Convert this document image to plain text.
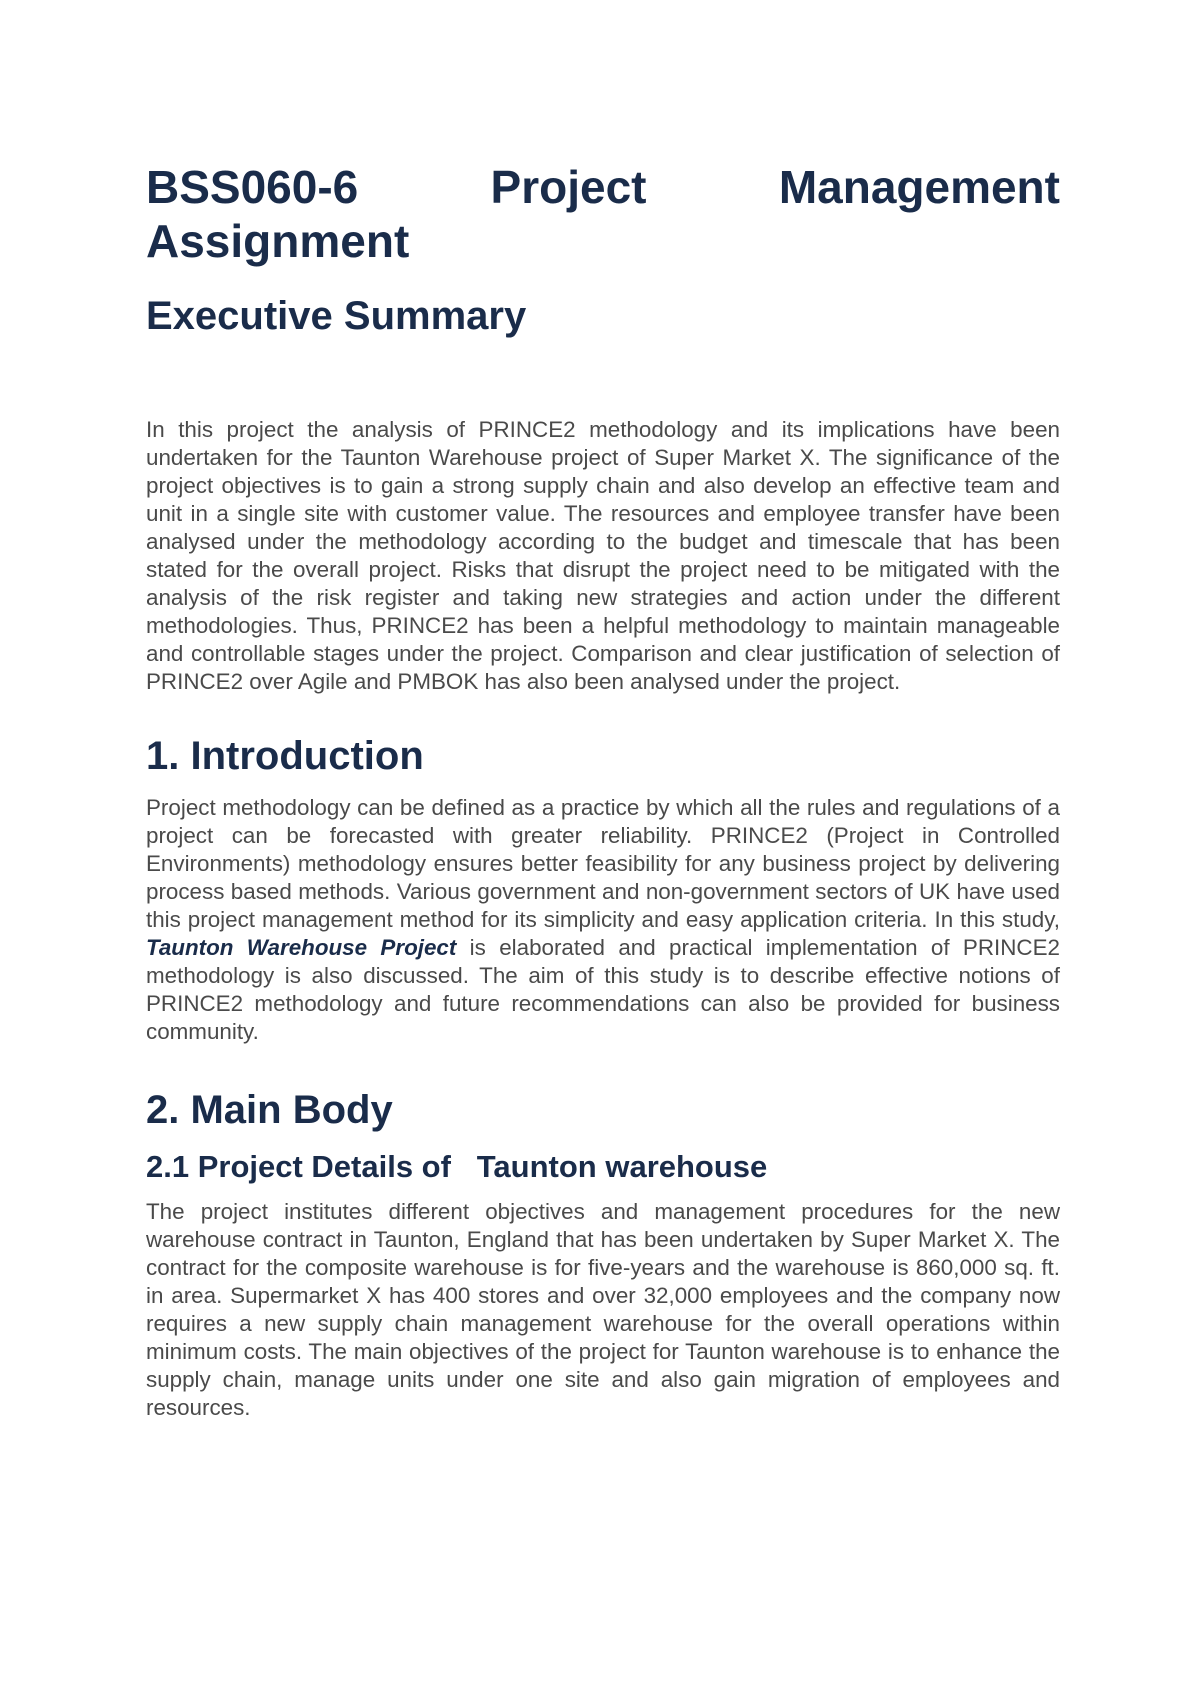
BSS060-6	Project	Management
Assignment
Executive Summary

In this project the analysis of PRINCE2 methodology and its implications have been undertaken for the Taunton Warehouse project of Super Market X. The significance of the project objectives is to gain a strong supply chain and also develop an effective team and unit in a single site with customer value. The resources and employee transfer have been analysed under the methodology according to the budget and timescale that has been stated for the overall project. Risks that disrupt the project need to be mitigated with the analysis of the risk register and taking new strategies and action under the different methodologies. Thus, PRINCE2 has been a helpful methodology to maintain manageable and controllable stages under the project. Comparison and clear justification of selection of PRINCE2 over Agile and PMBOK has also been analysed under the project.

1. Introduction

Project methodology can be defined as a practice by which all the rules and regulations of a project can be forecasted with greater reliability. PRINCE2 (Project in Controlled Environments) methodology ensures better feasibility for any business project by delivering process based methods. Various government and non-government sectors of UK have used this project management method for its simplicity and easy application criteria. In this study, Taunton Warehouse Project is elaborated and practical implementation of PRINCE2 methodology is also discussed. The aim of this study is to describe effective notions of PRINCE2 methodology and future recommendations can also be provided for business community.

2. Main Body
2.1 Project Details of   Taunton warehouse

The project institutes different objectives and management procedures for the new warehouse contract in Taunton, England that has been undertaken by Super Market X. The contract for the composite warehouse is for five-years and the warehouse is 860,000 sq. ft. in area. Supermarket X has 400 stores and over 32,000 employees and the company now requires a new supply chain management warehouse for the overall operations within minimum costs. The main objectives of the project for Taunton warehouse is to enhance the supply chain, manage units under one site and also gain migration of employees and resources.
